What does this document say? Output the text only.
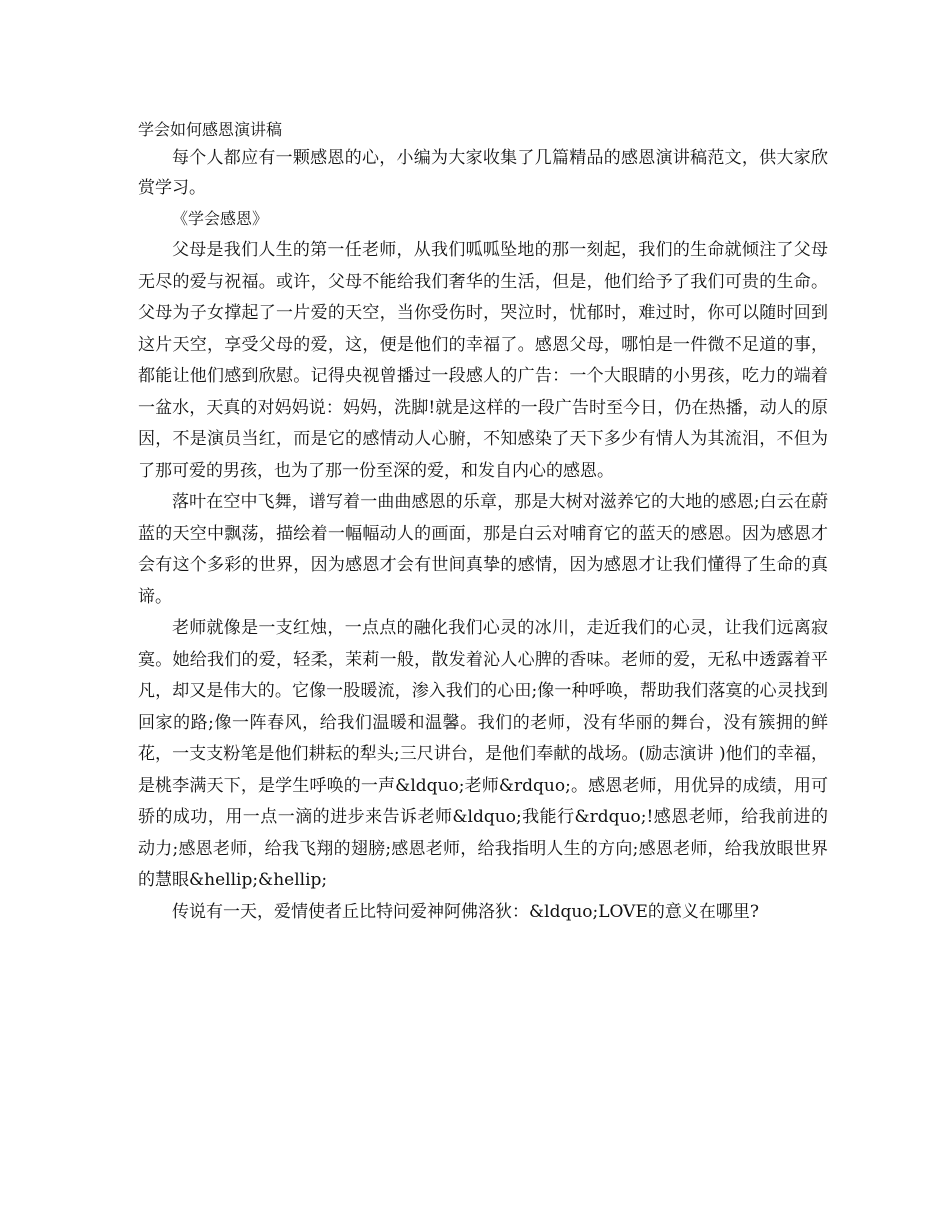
学会如何感恩演讲稿

每个人都应有一颗感恩的心，小编为大家收集了几篇精品的感恩演讲稿范文，供大家欣赏学习。

《学会感恩》

父母是我们人生的第一任老师，从我们呱呱坠地的那一刻起，我们的生命就倾注了父母无尽的爱与祝福。或许，父母不能给我们奢华的生活，但是，他们给予了我们可贵的生命。父母为子女撑起了一片爱的天空，当你受伤时，哭泣时，忧郁时，难过时，你可以随时回到这片天空，享受父母的爱，这，便是他们的幸福了。感恩父母，哪怕是一件微不足道的事，都能让他们感到欣慰。记得央视曾播过一段感人的广告：一个大眼睛的小男孩，吃力的端着一盆水，天真的对妈妈说：妈妈，洗脚!就是这样的一段广告时至今日，仍在热播，动人的原因，不是演员当红，而是它的感情动人心腑，不知感染了天下多少有情人为其流泪，不但为了那可爱的男孩，也为了那一份至深的爱，和发自内心的感恩。

落叶在空中飞舞，谱写着一曲曲感恩的乐章，那是大树对滋养它的大地的感恩;白云在蔚蓝的天空中飘荡，描绘着一幅幅动人的画面，那是白云对哺育它的蓝天的感恩。因为感恩才会有这个多彩的世界，因为感恩才会有世间真挚的感情，因为感恩才让我们懂得了生命的真谛。

老师就像是一支红烛，一点点的融化我们心灵的冰川，走近我们的心灵，让我们远离寂寞。她给我们的爱，轻柔，茉莉一般，散发着沁人心脾的香味。老师的爱，无私中透露着平凡，却又是伟大的。它像一股暖流，渗入我们的心田;像一种呼唤，帮助我们落寞的心灵找到回家的路;像一阵春风，给我们温暖和温馨。我们的老师，没有华丽的舞台，没有簇拥的鲜花，一支支粉笔是他们耕耘的犁头;三尺讲台，是他们奉献的战场。(励志演讲 )他们的幸福，是桃李满天下，是学生呼唤的一声&ldquo;老师&rdquo;。感恩老师，用优异的成绩，用可骄的成功，用一点一滴的进步来告诉老师&ldquo;我能行&rdquo;!感恩老师，给我前进的动力;感恩老师，给我飞翔的翅膀;感恩老师，给我指明人生的方向;感恩老师，给我放眼世界的慧眼&hellip;&hellip;

传说有一天，爱情使者丘比特问爱神阿佛洛狄：&ldquo;LOVE的意义在哪里?
